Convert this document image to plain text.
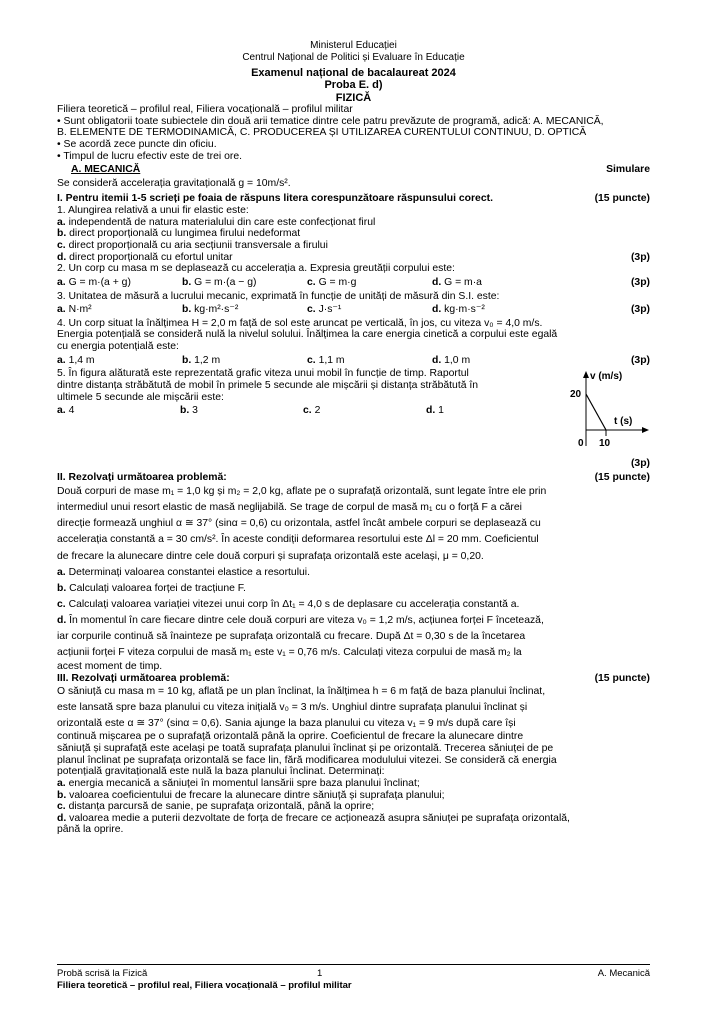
Ministerul Educației
Centrul Național de Politici și Evaluare în Educație
Examenul național de bacalaureat 2024
Proba E. d)
FIZICĂ
Filiera teoretică – profilul real, Filiera vocațională – profilul militar
• Sunt obligatorii toate subiectele din două arii tematice dintre cele patru prevăzute de programă, adică: A. MECANICĂ,
B. ELEMENTE DE TERMODINAMICĂ, C. PRODUCEREA ȘI UTILIZAREA CURENTULUI CONTINUU, D. OPTICĂ
• Se acordă zece puncte din oficiu.
• Timpul de lucru efectiv este de trei ore.
A. MECANICĂ	Simulare
Se consideră accelerația gravitațională g = 10m/s².
I. Pentru itemii 1-5 scrieți pe foaia de răspuns litera corespunzătoare răspunsului corect.	(15 puncte)
1. Alungirea relativă a unui fir elastic este:
a. independentă de natura materialului din care este confecționat firul
b. direct proporțională cu lungimea firului nedeformat
c. direct proporțională cu aria secțiunii transversale a firului
d. direct proporțională cu efortul unitar	(3p)
2. Un corp cu masa m se deplasează cu accelerația a. Expresia greutății corpului este:
a. G = m·(a + g)	b. G = m·(a − g)	c. G = m·g	d. G = m·a	(3p)
3. Unitatea de măsură a lucrului mecanic, exprimată în funcție de unități de măsură din S.I. este:
a. N·m²	b. kg·m²·s⁻²	c. J·s⁻¹	d. kg·m·s⁻²	(3p)
4. Un corp situat la înălțimea H = 2,0 m față de sol este aruncat pe verticală, în jos, cu viteza v₀ = 4,0 m/s.
Energia potențială se consideră nulă la nivelul solului. Înălțimea la care energia cinetică a corpului este egală
cu energia potențială este:
a. 1,4 m	b. 1,2 m	c. 1,1 m	d. 1,0 m	(3p)
5. În figura alăturată este reprezentată grafic viteza unui mobil în funcție de timp. Raportul
dintre distanța străbătută de mobil în primele 5 secunde ale mișcării și distanța străbătută în
ultimele 5 secunde ale mișcării este:
a. 4	b. 3	c. 2	d. 1
v (m/s)
20
t (s)
0 10
(3p)
II. Rezolvați următoarea problemă:	(15 puncte)
Două corpuri de mase m₁ = 1,0 kg și m₂ = 2,0 kg, aflate pe o suprafață orizontală, sunt legate între ele prin
intermediul unui resort elastic de masă neglijabilă. Se trage de corpul de masă m₁ cu o forță F a cărei
direcție formează unghiul α ≅ 37° (sinα = 0,6) cu orizontala, astfel încât ambele corpuri se deplasează cu
accelerația constantă a = 30 cm/s². În aceste condiții deformarea resortului este Δl = 20 mm. Coeficientul
de frecare la alunecare dintre cele două corpuri și suprafața orizontală este același, μ = 0,20.
a. Determinați valoarea constantei elastice a resortului.
b. Calculați valoarea forței de tracțiune F.
c. Calculați valoarea variației vitezei unui corp în Δt₁ = 4,0 s de deplasare cu accelerația constantă a.
d. În momentul în care fiecare dintre cele două corpuri are viteza v₀ = 1,2 m/s, acțiunea forței F încetează,
iar corpurile continuă să înainteze pe suprafața orizontală cu frecare. După Δt = 0,30 s de la încetarea
acțiunii forței F viteza corpului de masă m₁ este v₁ = 0,76 m/s. Calculați viteza corpului de masă m₂ la
acest moment de timp.
III. Rezolvați următoarea problemă:	(15 puncte)
O săniuță cu masa m = 10 kg, aflată pe un plan înclinat, la înălțimea h = 6 m față de baza planului înclinat,
este lansată spre baza planului cu viteza inițială v₀ = 3 m/s. Unghiul dintre suprafața planului înclinat și
orizontală este α ≅ 37° (sinα = 0,6). Sania ajunge la baza planului cu viteza v₁ = 9 m/s după care își
continuă mișcarea pe o suprafață orizontală până la oprire. Coeficientul de frecare la alunecare dintre
săniuță și suprafață este același pe toată suprafața planului înclinat și pe orizontală. Trecerea săniuței de pe
planul înclinat pe suprafața orizontală se face lin, fără modificarea modulului vitezei. Se consideră că energia
potențială gravitațională este nulă la baza planului înclinat. Determinați:
a. energia mecanică a săniuței în momentul lansării spre baza planului înclinat;
b. valoarea coeficientului de frecare la alunecare dintre săniuță și suprafața planului;
c. distanța parcursă de sanie, pe suprafața orizontală, până la oprire;
d. valoarea medie a puterii dezvoltate de forța de frecare ce acționează asupra săniuței pe suprafața orizontală,
până la oprire.
Probă scrisă la Fizică	1	A. Mecanică
Filiera teoretică – profilul real, Filiera vocațională – profilul militar
